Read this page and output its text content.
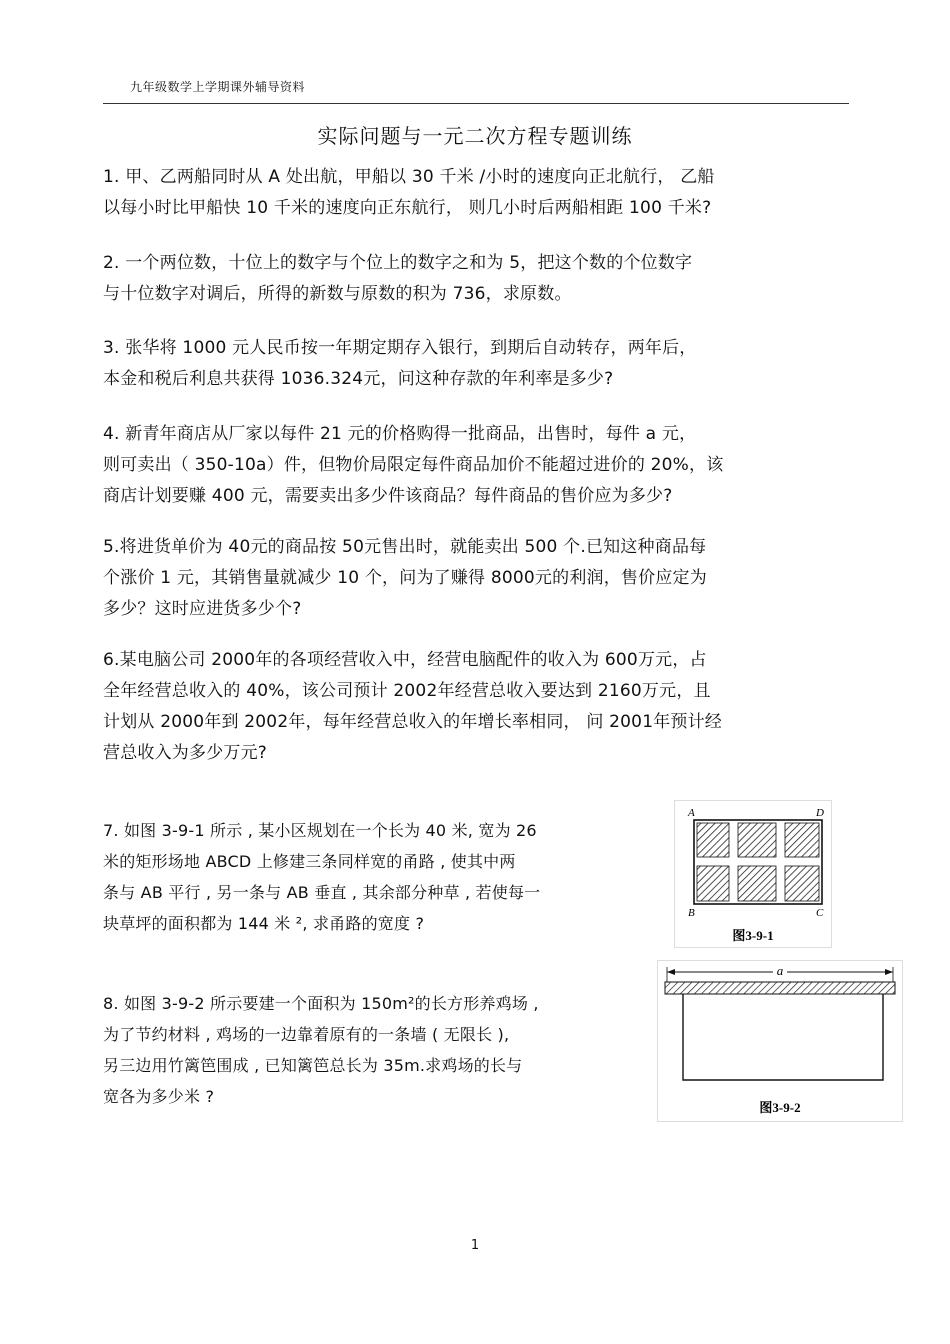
九年级数学上学期课外辅导资料
实际问题与一元二次方程专题训练
1. 甲、乙两船同时从 A 处出航，甲船以 30 千米 /小时的速度向正北航行， 乙船
以每小时比甲船快 10 千米的速度向正东航行， 则几小时后两船相距 100 千米?
2. 一个两位数，十位上的数字与个位上的数字之和为 5，把这个数的个位数字
与十位数字对调后，所得的新数与原数的积为 736，求原数。
3. 张华将 1000 元人民币按一年期定期存入银行，到期后自动转存，两年后，
本金和税后利息共获得 1036.324元，问这种存款的年利率是多少?
4. 新青年商店从厂家以每件 21 元的价格购得一批商品，出售时，每件 a 元，
则可卖出（ 350-10a）件，但物价局限定每件商品加价不能超过进价的 20%，该
商店计划要赚 400 元，需要卖出多少件该商品？每件商品的售价应为多少?
5.将进货单价为 40元的商品按 50元售出时，就能卖出 500 个.已知这种商品每
个涨价 1 元，其销售量就减少 10 个，问为了赚得 8000元的利润，售价应定为
多少？这时应进货多少个?
6.某电脑公司 2000年的各项经营收入中，经营电脑配件的收入为 600万元，占
全年经营总收入的 40%，该公司预计 2002年经营总收入要达到 2160万元，且
计划从 2000年到 2002年，每年经营总收入的年增长率相同， 问 2001年预计经
营总收入为多少万元?
7. 如图 3-9-1 所示 , 某小区规划在一个长为 40 米, 宽为 26
米的矩形场地 ABCD 上修建三条同样宽的甬路 , 使其中两
条与 AB 平行 , 另一条与 AB 垂直 , 其余部分种草 , 若使每一
块草坪的面积都为 144 米 ², 求甬路的宽度 ?
A	D
B	C
图3-9-1
8. 如图 3-9-2 所示要建一个面积为 150m²的长方形养鸡场 ,
为了节约材料 , 鸡场的一边靠着原有的一条墙 ( 无限长 ),
另三边用竹篱笆围成 , 已知篱笆总长为 35m.求鸡场的长与
宽各为多少米 ?
a
图3-9-2
1
